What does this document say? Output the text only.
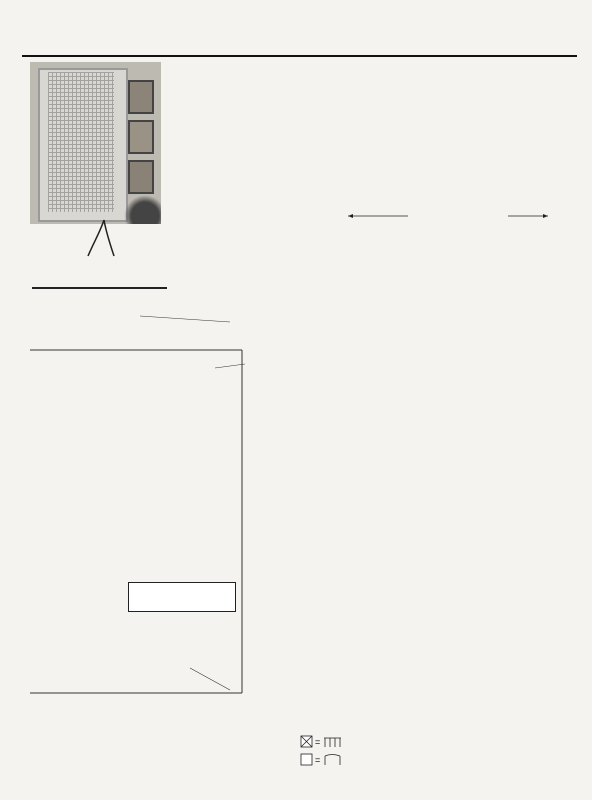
=
=
